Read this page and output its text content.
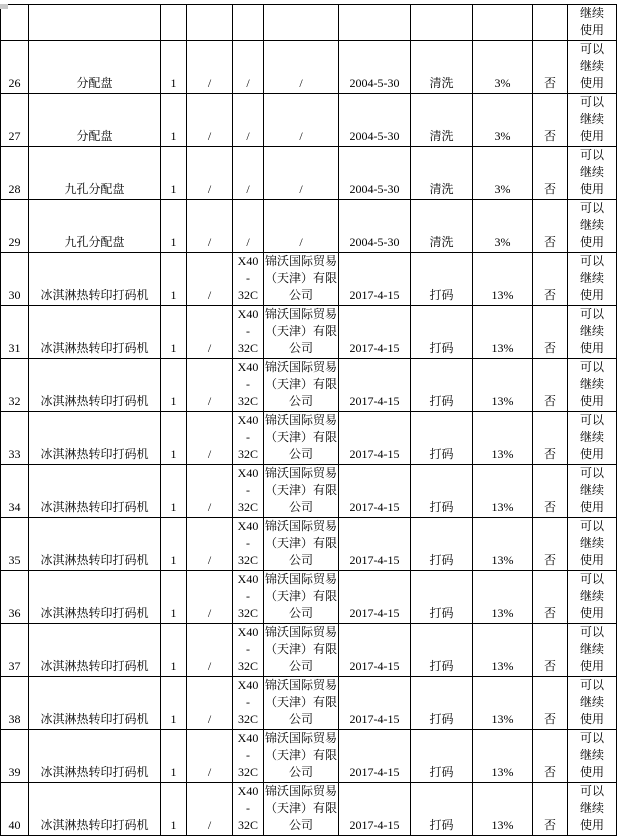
										继续
使用
26	分配盘	1	/	/	/	2004-5-30	清洗	3%	否	可以
继续
使用
27	分配盘	1	/	/	/	2004-5-30	清洗	3%	否	可以
继续
使用
28	九孔分配盘	1	/	/	/	2004-5-30	清洗	3%	否	可以
继续
使用
29	九孔分配盘	1	/	/	/	2004-5-30	清洗	3%	否	可以
继续
使用
30	冰淇淋热转印打码机	1	/	X40
-
32C	锦沃国际贸易
（天津）有限
公司	2017-4-15	打码	13%	否	可以
继续
使用
31	冰淇淋热转印打码机	1	/	X40
-
32C	锦沃国际贸易
（天津）有限
公司	2017-4-15	打码	13%	否	可以
继续
使用
32	冰淇淋热转印打码机	1	/	X40
-
32C	锦沃国际贸易
（天津）有限
公司	2017-4-15	打码	13%	否	可以
继续
使用
33	冰淇淋热转印打码机	1	/	X40
-
32C	锦沃国际贸易
（天津）有限
公司	2017-4-15	打码	13%	否	可以
继续
使用
34	冰淇淋热转印打码机	1	/	X40
-
32C	锦沃国际贸易
（天津）有限
公司	2017-4-15	打码	13%	否	可以
继续
使用
35	冰淇淋热转印打码机	1	/	X40
-
32C	锦沃国际贸易
（天津）有限
公司	2017-4-15	打码	13%	否	可以
继续
使用
36	冰淇淋热转印打码机	1	/	X40
-
32C	锦沃国际贸易
（天津）有限
公司	2017-4-15	打码	13%	否	可以
继续
使用
37	冰淇淋热转印打码机	1	/	X40
-
32C	锦沃国际贸易
（天津）有限
公司	2017-4-15	打码	13%	否	可以
继续
使用
38	冰淇淋热转印打码机	1	/	X40
-
32C	锦沃国际贸易
（天津）有限
公司	2017-4-15	打码	13%	否	可以
继续
使用
39	冰淇淋热转印打码机	1	/	X40
-
32C	锦沃国际贸易
（天津）有限
公司	2017-4-15	打码	13%	否	可以
继续
使用
40	冰淇淋热转印打码机	1	/	X40
-
32C	锦沃国际贸易
（天津）有限
公司	2017-4-15	打码	13%	否	可以
继续
使用
